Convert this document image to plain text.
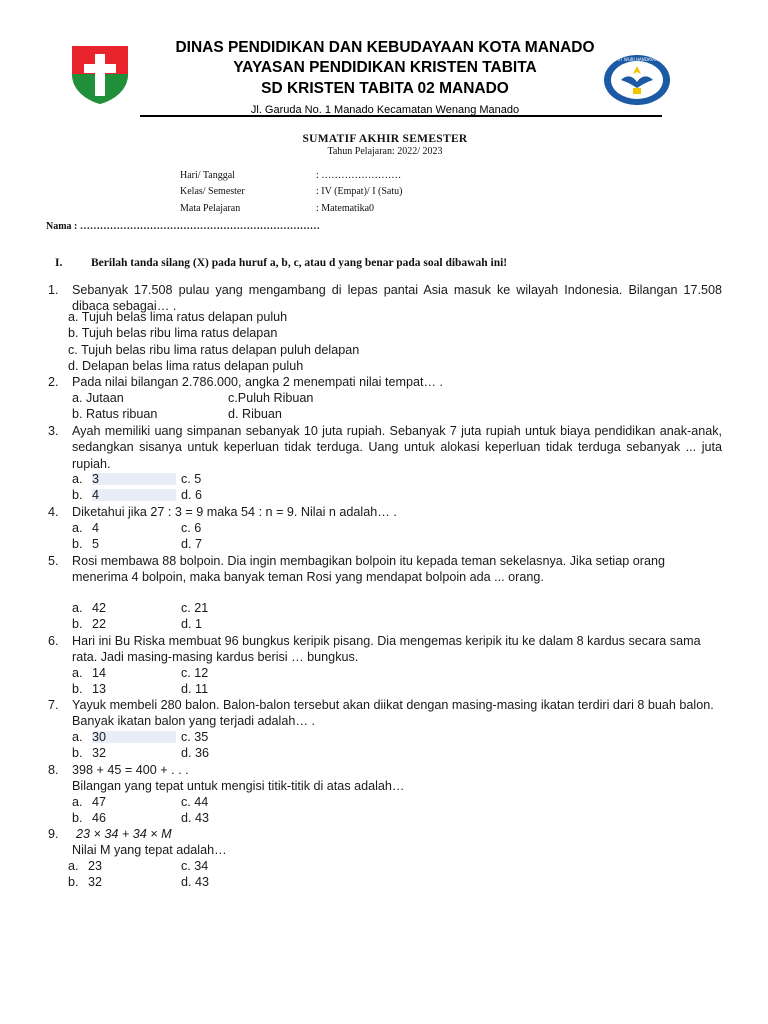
DINAS PENDIDIKAN DAN KEBUDAYAAN KOTA MANADO
YAYASAN PENDIDIKAN KRISTEN TABITA
SD KRISTEN TABITA 02 MANADO
Jl. Garuda No. 1 Manado Kecamatan Wenang Manado
TUT WURI HANDAYANI
SUMATIF AKHIR SEMESTER
Tahun Pelajaran: 2022/ 2023
Hari/ Tanggal	: ……………………
Kelas/ Semester	: IV (Empat)/ I (Satu)
Mata Pelajaran	: Matematika0
Nama : ………………………………………………………………
I. Berilah tanda silang (X) pada huruf a, b, c, atau d yang benar pada soal dibawah ini!
1. Sebanyak 17.508 pulau yang mengambang di lepas pantai Asia masuk ke wilayah Indonesia. Bilangan 17.508 dibaca sebagai… .
a. Tujuh belas lima ratus delapan puluh
b. Tujuh belas ribu lima ratus delapan
c. Tujuh belas ribu lima ratus delapan puluh delapan
d. Delapan belas lima ratus delapan puluh
2. Pada nilai bilangan 2.786.000, angka 2 menempati nilai tempat… .
a. Jutaan	c.Puluh Ribuan
b. Ratus ribuan	d. Ribuan
3. Ayah memiliki uang simpanan sebanyak 10 juta rupiah. Sebanyak 7 juta rupiah untuk biaya pendidikan anak-anak, sedangkan sisanya untuk keperluan tidak terduga. Uang untuk alokasi keperluan tidak terduga sebanyak ... juta rupiah.
a. 3	c. 5
b. 4	d. 6
4. Diketahui jika 27 : 3 = 9 maka 54 : n = 9. Nilai n adalah… .
a. 4	c. 6
b. 5	d. 7
5. Rosi membawa 88 bolpoin. Dia ingin membagikan bolpoin itu kepada teman sekelasnya. Jika setiap orang menerima 4 bolpoin, maka banyak teman Rosi yang mendapat bolpoin ada ... orang.
a. 42	c. 21
b. 22	d. 1
6. Hari ini Bu Riska membuat 96 bungkus keripik pisang. Dia mengemas keripik itu ke dalam 8 kardus secara sama rata. Jadi masing-masing kardus berisi … bungkus.
a. 14	c. 12
b. 13	d. 11
7. Yayuk membeli 280 balon. Balon-balon tersebut akan diikat dengan masing-masing ikatan terdiri dari 8 buah balon. Banyak ikatan balon yang terjadi adalah… .
a. 30	c. 35
b. 32	d. 36
8. 398 + 45 = 400 + . . .
Bilangan yang tepat untuk mengisi titik-titik di atas adalah…
a. 47	c. 44
b. 46	d. 43
9. 23 × 34 + 34 × M
Nilai M yang tepat adalah…
a. 23	c. 34
b. 32	d. 43
